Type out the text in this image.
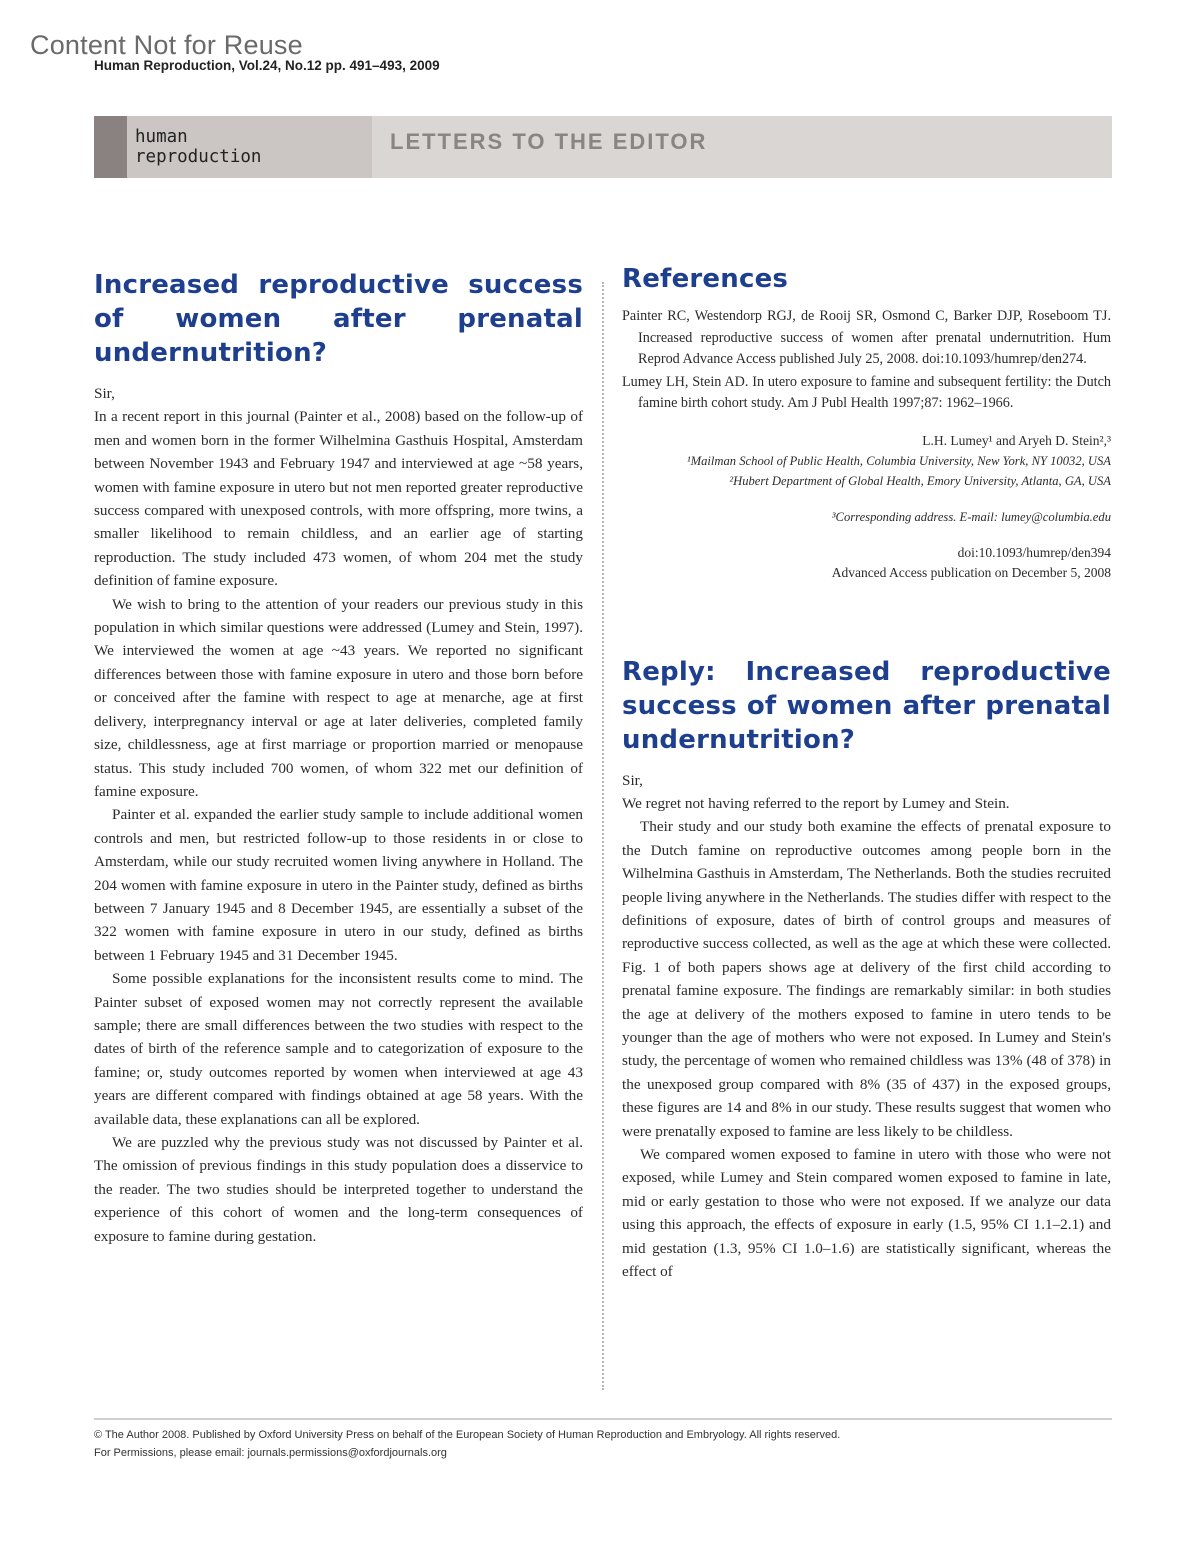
Content Not for Reuse
Human Reproduction, Vol.24, No.12 pp. 491–493, 2009
human
reproduction
LETTERS TO THE EDITOR
Increased reproductive success of women after prenatal undernutrition?

Sir,

In a recent report in this journal (Painter et al., 2008) based on the follow-up of men and women born in the former Wilhelmina Gasthuis Hospital, Amsterdam between November 1943 and February 1947 and interviewed at age ~58 years, women with famine exposure in utero but not men reported greater reproductive success compared with unexposed controls, with more offspring, more twins, a smaller likelihood to remain childless, and an earlier age of starting reproduction. The study included 473 women, of whom 204 met the study definition of famine exposure.

We wish to bring to the attention of your readers our previous study in this population in which similar questions were addressed (Lumey and Stein, 1997). We interviewed the women at age ~43 years. We reported no significant differences between those with famine exposure in utero and those born before or conceived after the famine with respect to age at menarche, age at first delivery, interpregnancy interval or age at later deliveries, completed family size, childlessness, age at first marriage or proportion married or menopause status. This study included 700 women, of whom 322 met our definition of famine exposure.

Painter et al. expanded the earlier study sample to include additional women controls and men, but restricted follow-up to those residents in or close to Amsterdam, while our study recruited women living anywhere in Holland. The 204 women with famine exposure in utero in the Painter study, defined as births between 7 January 1945 and 8 December 1945, are essentially a subset of the 322 women with famine exposure in utero in our study, defined as births between 1 February 1945 and 31 December 1945.

Some possible explanations for the inconsistent results come to mind. The Painter subset of exposed women may not correctly represent the available sample; there are small differences between the two studies with respect to the dates of birth of the reference sample and to categorization of exposure to the famine; or, study outcomes reported by women when interviewed at age 43 years are different compared with findings obtained at age 58 years. With the available data, these explanations can all be explored.

We are puzzled why the previous study was not discussed by Painter et al. The omission of previous findings in this study population does a disservice to the reader. The two studies should be interpreted together to understand the experience of this cohort of women and the long-term consequences of exposure to famine during gestation.

References

Painter RC, Westendorp RGJ, de Rooij SR, Osmond C, Barker DJP, Roseboom TJ. Increased reproductive success of women after prenatal undernutrition. Hum Reprod Advance Access published July 25, 2008. doi:10.1093/humrep/den274.

Lumey LH, Stein AD. In utero exposure to famine and subsequent fertility: the Dutch famine birth cohort study. Am J Publ Health 1997;87: 1962–1966.

L.H. Lumey¹ and Aryeh D. Stein²,³

¹Mailman School of Public Health, Columbia University, New York, NY 10032, USA

²Hubert Department of Global Health, Emory University, Atlanta, GA, USA

³Corresponding address. E-mail: lumey@columbia.edu

doi:10.1093/humrep/den394

Advanced Access publication on December 5, 2008

Reply: Increased reproductive success of women after prenatal undernutrition?

Sir,

We regret not having referred to the report by Lumey and Stein.

Their study and our study both examine the effects of prenatal exposure to the Dutch famine on reproductive outcomes among people born in the Wilhelmina Gasthuis in Amsterdam, The Netherlands. Both the studies recruited people living anywhere in the Netherlands. The studies differ with respect to the definitions of exposure, dates of birth of control groups and measures of reproductive success collected, as well as the age at which these were collected. Fig. 1 of both papers shows age at delivery of the first child according to prenatal famine exposure. The findings are remarkably similar: in both studies the age at delivery of the mothers exposed to famine in utero tends to be younger than the age of mothers who were not exposed. In Lumey and Stein's study, the percentage of women who remained childless was 13% (48 of 378) in the unexposed group compared with 8% (35 of 437) in the exposed groups, these figures are 14 and 8% in our study. These results suggest that women who were prenatally exposed to famine are less likely to be childless.

We compared women exposed to famine in utero with those who were not exposed, while Lumey and Stein compared women exposed to famine in late, mid or early gestation to those who were not exposed. If we analyze our data using this approach, the effects of exposure in early (1.5, 95% CI 1.1–2.1) and mid gestation (1.3, 95% CI 1.0–1.6) are statistically significant, whereas the effect of

© The Author 2008. Published by Oxford University Press on behalf of the European Society of Human Reproduction and Embryology. All rights reserved.
For Permissions, please email: journals.permissions@oxfordjournals.org
